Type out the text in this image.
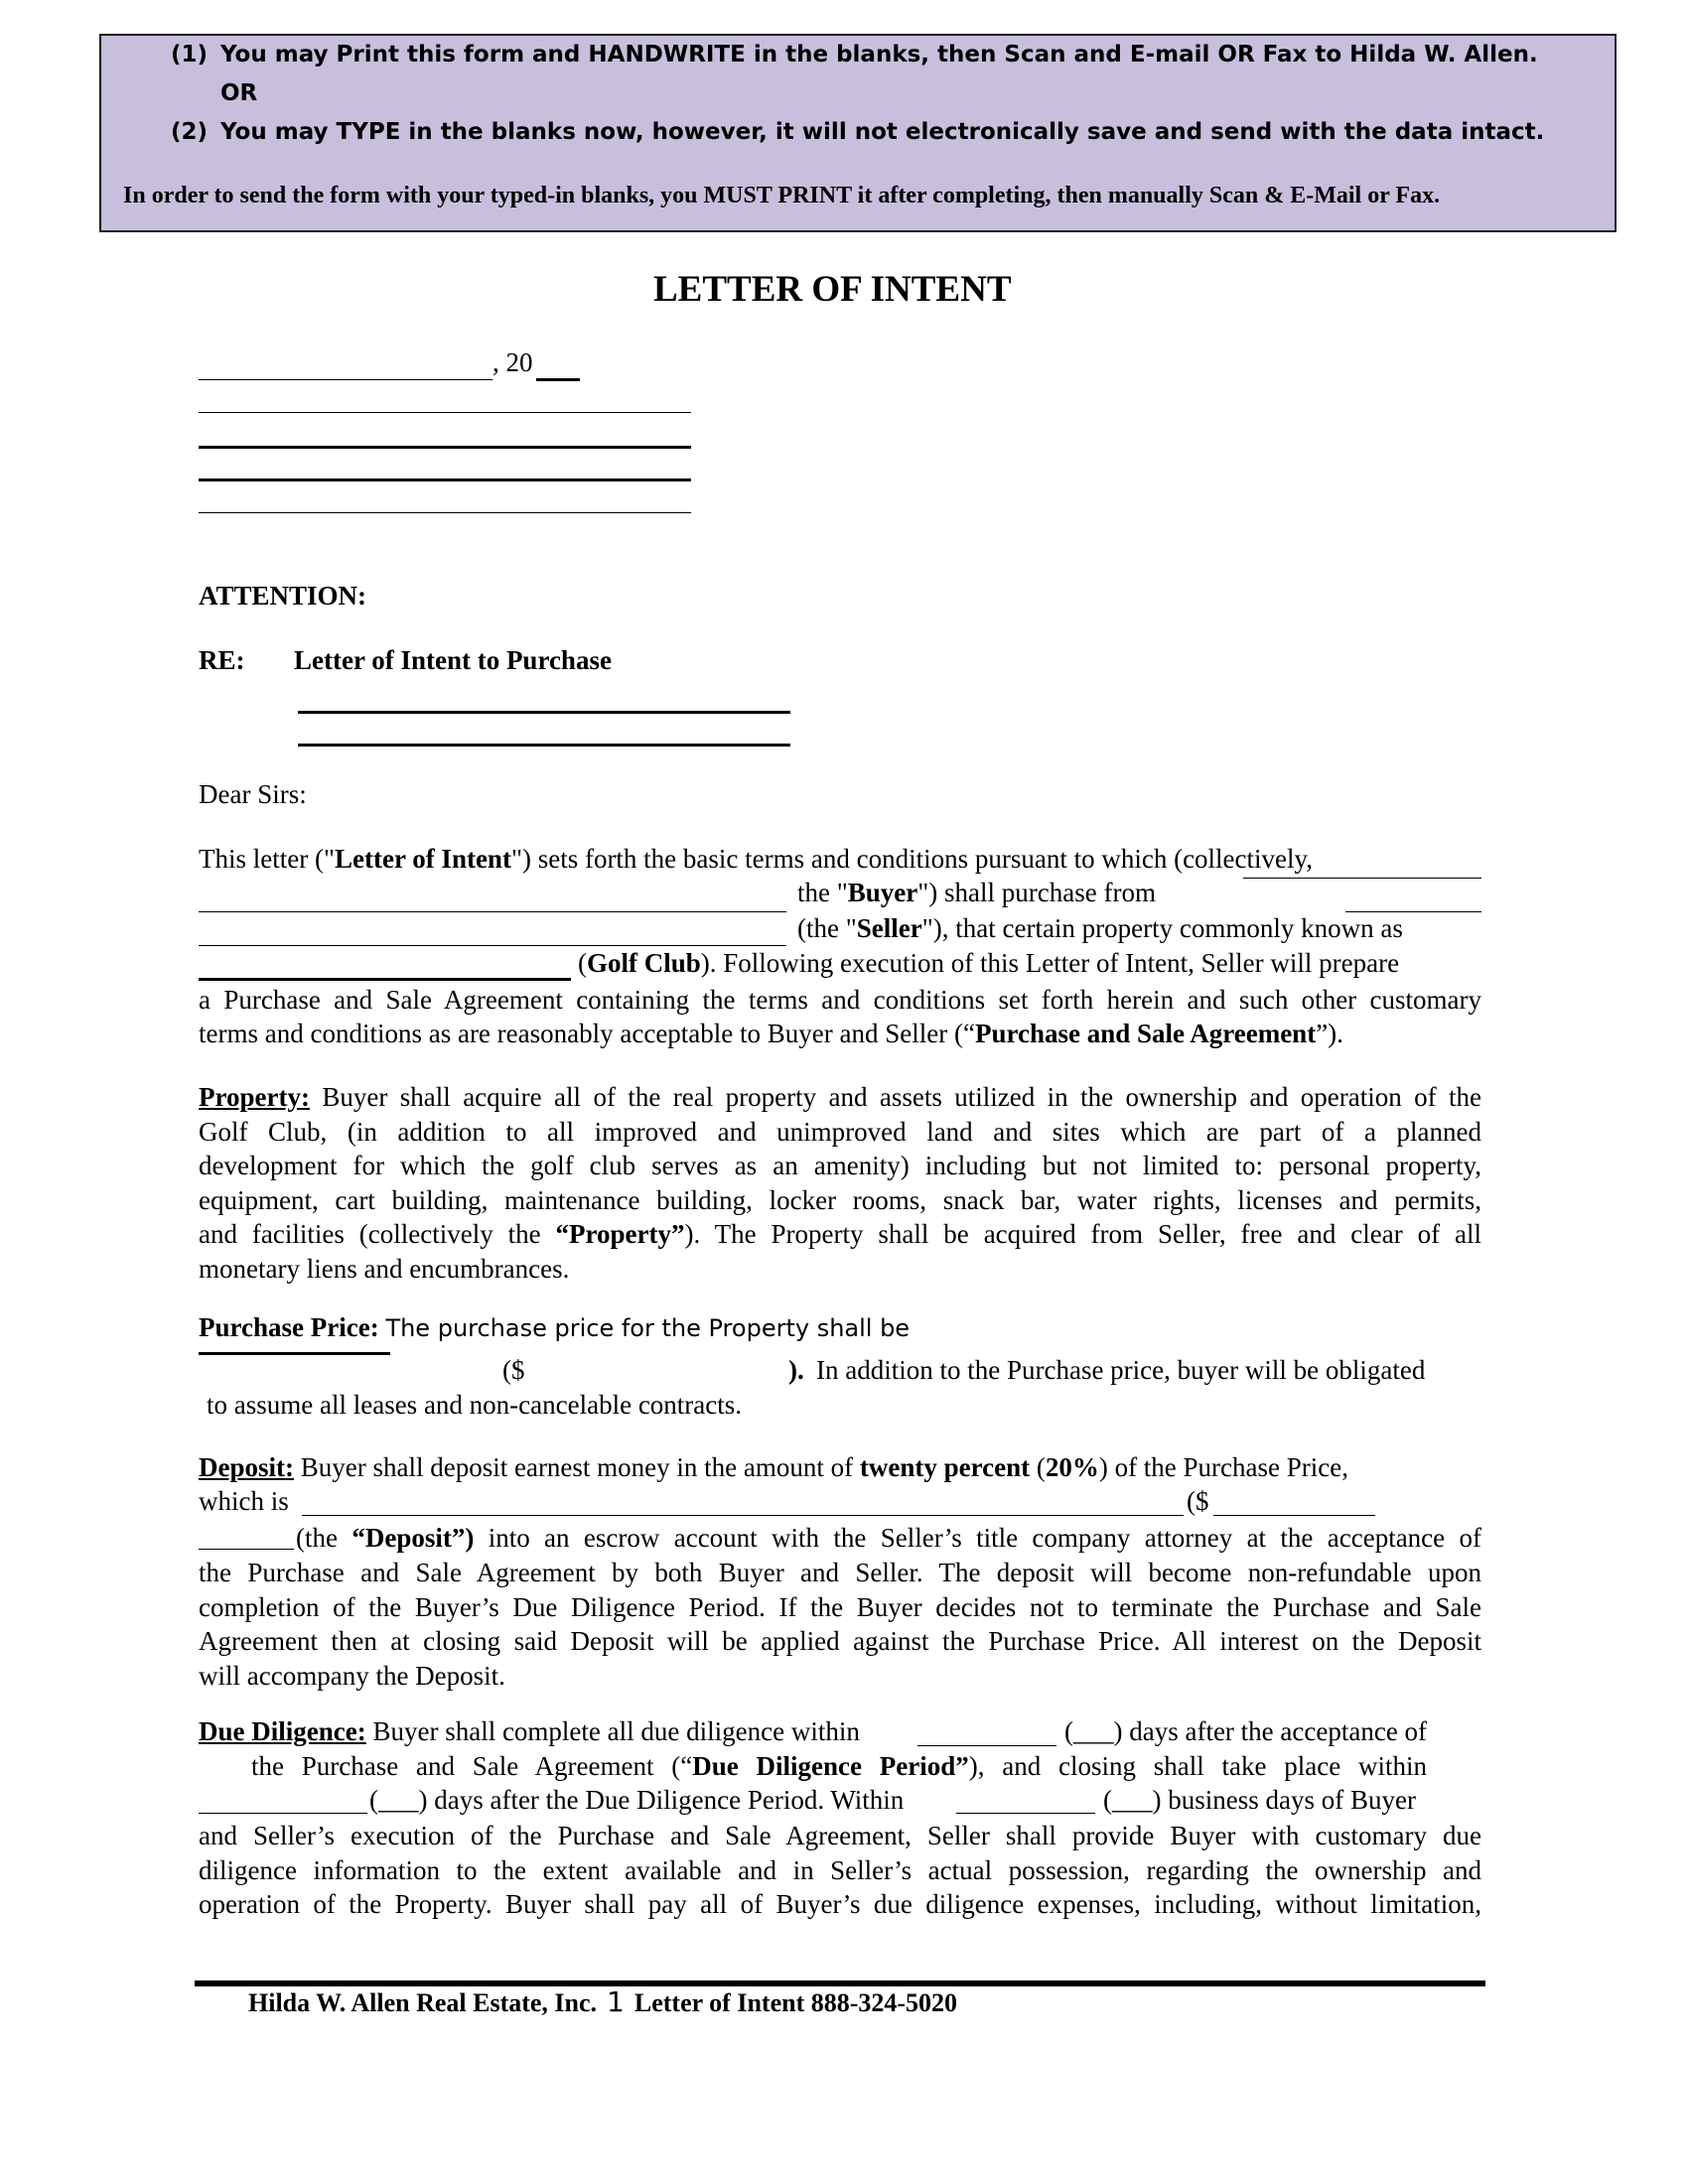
(1) You may Print this form and HANDWRITE in the blanks, then Scan and E-mail OR Fax to Hilda W. Allen.
OR
(2) You may TYPE in the blanks now, however, it will not electronically save and send with the data intact.
In order to send the form with your typed-in blanks, you MUST PRINT it after completing, then manually Scan & E-Mail or Fax.
LETTER OF INTENT
, 20
ATTENTION:
RE: Letter of Intent to Purchase
Dear Sirs:
This letter ("Letter of Intent") sets forth the basic terms and conditions pursuant to which (collectively,
the "Buyer") shall purchase from
(the "Seller"), that certain property commonly known as
(Golf Club). Following execution of this Letter of Intent, Seller will prepare
a Purchase and Sale Agreement containing the terms and conditions set forth herein and such other customary
terms and conditions as are reasonably acceptable to Buyer and Seller (“Purchase and Sale Agreement”).
Property: Buyer shall acquire all of the real property and assets utilized in the ownership and operation of the
Golf Club, (in addition to all improved and unimproved land and sites which are part of a planned
development for which the golf club serves as an amenity) including but not limited to: personal property,
equipment, cart building, maintenance building, locker rooms, snack bar, water rights, licenses and permits,
and facilities (collectively the “Property”). The Property shall be acquired from Seller, free and clear of all
monetary liens and encumbrances.
Purchase Price: The purchase price for the Property shall be
($	). In addition to the Purchase price, buyer will be obligated
to assume all leases and non-cancelable contracts.
Deposit: Buyer shall deposit earnest money in the amount of twenty percent (20%) of the Purchase Price,
which is	($
(the “Deposit”) into an escrow account with the Seller’s title company attorney at the acceptance of
the Purchase and Sale Agreement by both Buyer and Seller. The deposit will become non-refundable upon
completion of the Buyer’s Due Diligence Period. If the Buyer decides not to terminate the Purchase and Sale
Agreement then at closing said Deposit will be applied against the Purchase Price. All interest on the Deposit
will accompany the Deposit.
Due Diligence: Buyer shall complete all due diligence within	(___) days after the acceptance of
the Purchase and Sale Agreement (“Due Diligence Period”), and closing shall take place within
(___) days after the Due Diligence Period. Within	(___) business days of Buyer
and Seller’s execution of the Purchase and Sale Agreement, Seller shall provide Buyer with customary due
diligence information to the extent available and in Seller’s actual possession, regarding the ownership and
operation of the Property. Buyer shall pay all of Buyer’s due diligence expenses, including, without limitation,
Hilda W. Allen Real Estate, Inc. 1 Letter of Intent 888-324-5020
